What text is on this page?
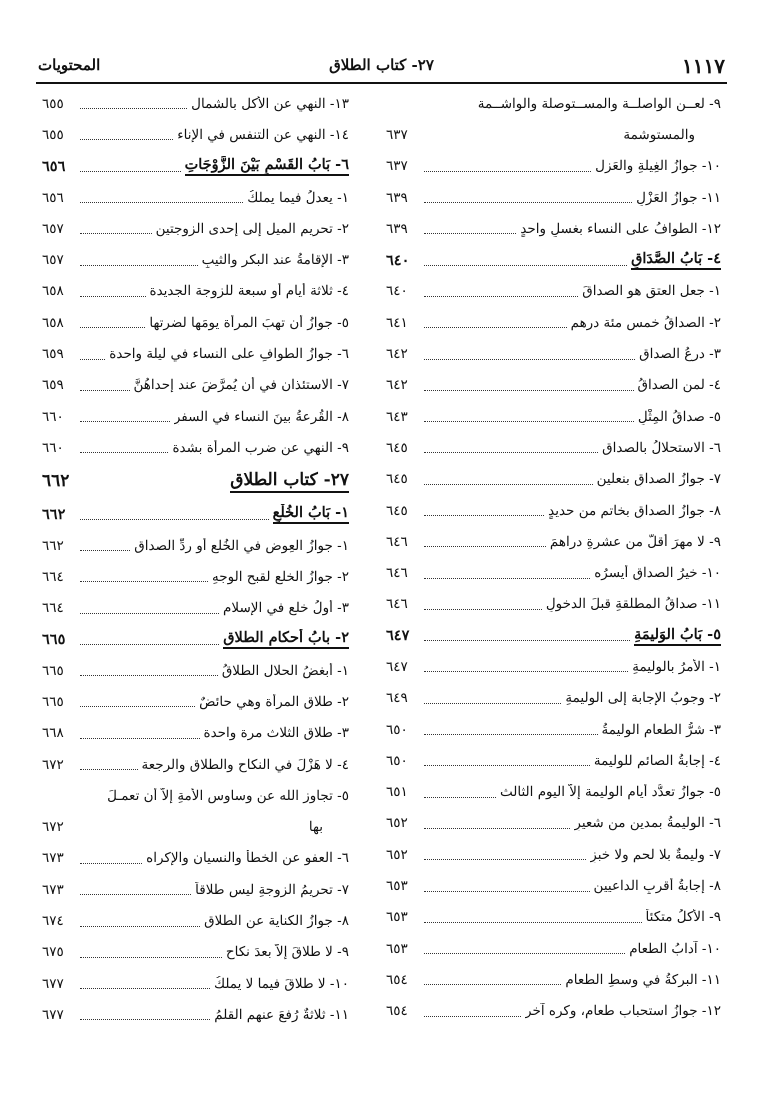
١١١٧
٢٧- كتاب الطلاق
المحتويات
٩- لعــن الواصلــة والمســتوصلة والواشــمة
والمستوشمة
٦٣٧
١٠- جوازُ الغِيلةِ والعَزل
٦٣٧
١١- جوازُ العَزْلِ
٦٣٩
١٢- الطوافُ على النساء بغسلٍ واحدٍ
٦٣٩
٤- بَابُ الصَّدَاقِ
٦٤٠
١- جعل العتق هو الصداقَ
٦٤٠
٢- الصداقُ خمس مئة درهم
٦٤١
٣- درعُ الصداقِ
٦٤٢
٤- لمن الصداقُ
٦٤٢
٥- صداقُ المِثْلِ
٦٤٣
٦- الاستحلالُ بالصداق
٦٤٥
٧- جوازُ الصداقِ بنعلين
٦٤٥
٨- جوازُ الصداقِ بخاتمٍ من حديدٍ
٦٤٥
٩- لا مهرَ أقلّ من عشرةِ دراهمَ
٦٤٦
١٠- خيرُ الصداقِ أيسرُه
٦٤٦
١١- صداقُ المطلقةِ قبلَ الدخولِ
٦٤٦
٥- بَابُ الوَليمَةِ
٦٤٧
١- الأمرُ بالوليمةِ
٦٤٧
٢- وجوبُ الإجابة إلى الوليمةِ
٦٤٩
٣- شرُّ الطعامِ الوليمةُ
٦٥٠
٤- إجابةُ الصائم للوليمة
٦٥٠
٥- جوازُ تعدُّد أيام الوليمة إلاَّ اليوم الثالث
٦٥١
٦- الوليمةُ بمدين من شعيرٍ
٦٥٢
٧- وليمةٌ بلا لحمٍ ولا خبزٍ
٦٥٢
٨- إجابةُ أقربِ الداعيين
٦٥٣
٩- الأكلُ متكئاً
٦٥٣
١٠- آدابُ الطعامِ
٦٥٣
١١- البركةُ في وسطِ الطعامِ
٦٥٤
١٢- جوازُ استحباب طعامٍ، وكره آخر
٦٥٤
١٣- النهي عن الأكل بالشمال
٦٥٥
١٤- النهي عن التنفس في الإناء
٦٥٥
٦- بَابُ القَسْمِ بَيْنَ الزَّوْجَاتِ
٦٥٦
١- يعدلُ فيما يملكُ
٦٥٦
٢- تحريم الميل إلى إحدى الزوجتين
٦٥٧
٣- الإقامةُ عند البكر والثيبِ
٦٥٧
٤- ثلاثة أيام أو سبعة للزوجة الجديدة
٦٥٨
٥- جوازُ أن تهبَ المرأة يومَها لضرتها
٦٥٨
٦- جوازُ الطوافِ على النساء في ليلة واحدة
٦٥٩
٧- الاستئذان في أن يُمرَّضَ عند إحداهُنَّ
٦٥٩
٨- القُرعةُ بينَ النساء في السفرِ
٦٦٠
٩- النهي عن ضرب المرأة بشدة
٦٦٠
٢٧- كتاب الطلاق
٦٦٢
١- بَابُ الخُلْعِ
٦٦٢
١- جوازُ العِوض في الخُلعِ أو ردِّ الصداق
٦٦٢
٢- جوازُ الخلع لقبح الوجهِ
٦٦٤
٣- أولُ خلعٍ في الإسلام
٦٦٤
٢- بابُ أحكام الطلاق
٦٦٥
١- أبغضُ الحلال الطلاقُ
٦٦٥
٢- طلاق المرأة وهي حائضٌ
٦٦٥
٣- طلاق الثلاث مرة واحدة
٦٦٨
٤- لا هَزْلَ في النكاح والطلاق والرجعة
٦٧٢
٥- تجاوز الله عن وساوس الأمةِ إلاَّ أن تعمـلَ
بها
٦٧٢
٦- العفو عن الخطأ والنسيان والإكراه
٦٧٣
٧- تحريمُ الزوجةِ ليس طلاقاً
٦٧٣
٨- جوازُ الكناية عن الطلاقِ
٦٧٤
٩- لا طلاقَ إلاَّ بعدَ نكاحٍ
٦٧٥
١٠- لا طلاقَ فيما لا يملكُ
٦٧٧
١١- ثلاثةٌ رُفعَ عنهم القلمُ
٦٧٧
